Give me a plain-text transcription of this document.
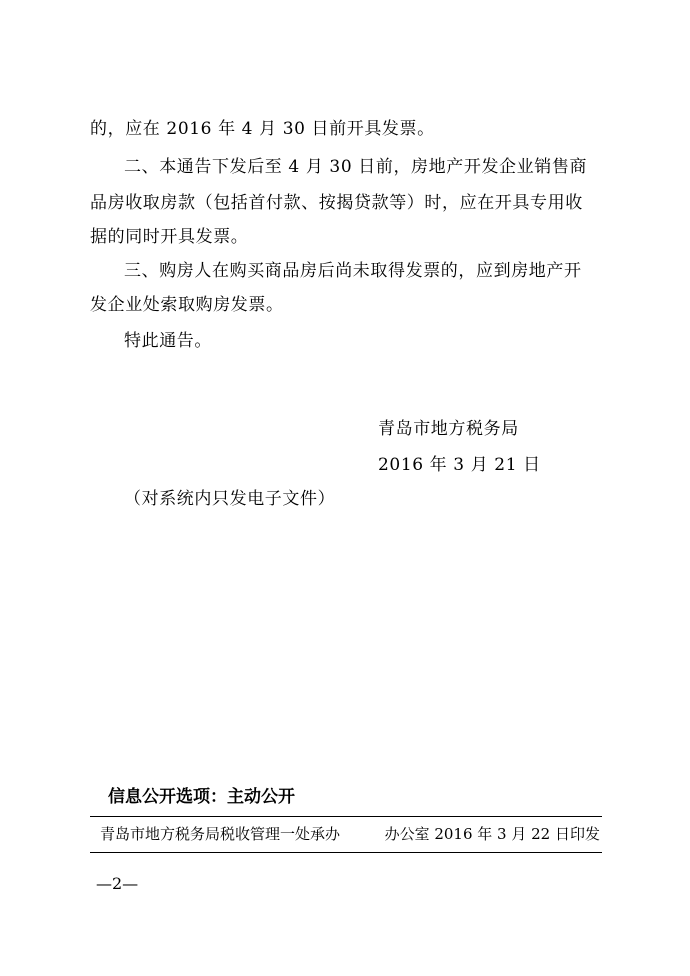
的，应在 2016 年 4 月 30 日前开具发票。
二、本通告下发后至 4 月 30 日前，房地产开发企业销售商
品房收取房款（包括首付款、按揭贷款等）时，应在开具专用收
据的同时开具发票。
三、购房人在购买商品房后尚未取得发票的，应到房地产开
发企业处索取购房发票。
特此通告。
青岛市地方税务局
2016 年 3 月 21 日
（对系统内只发电子文件）
信息公开选项：主动公开
青岛市地方税务局税收管理一处承办	办公室 2016 年 3 月 22 日印发
—2—
